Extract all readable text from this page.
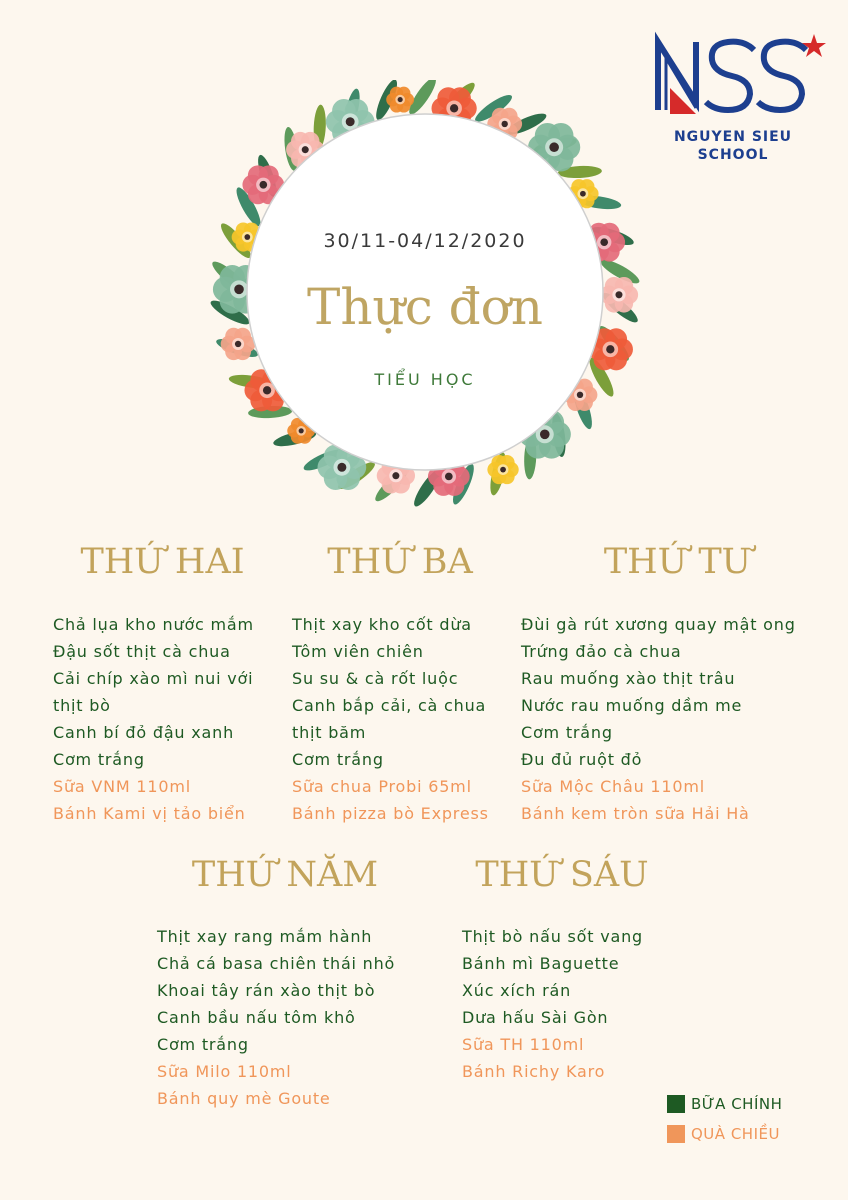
30/11-04/12/2020
Thực đơn
TIỂU HỌC
NGUYEN SIEU
SCHOOL
THỨ HAI
Chả lụa kho nước mắm
Đậu sốt thịt cà chua
Cải chíp xào mì nui với
thịt bò
Canh bí đỏ đậu xanh
Cơm trắng
Sữa VNM 110ml
Bánh Kami vị tảo biển
THỨ BA
Thịt xay kho cốt dừa
Tôm viên chiên
Su su & cà rốt luộc
Canh bắp cải, cà chua
thịt băm
Cơm trắng
Sữa chua Probi 65ml
Bánh pizza bò Express
THỨ TƯ
Đùi gà rút xương quay mật ong
Trứng đảo cà chua
Rau muống xào thịt trâu
Nước rau muống dầm me
Cơm trắng
Đu đủ ruột đỏ
Sữa Mộc Châu 110ml
Bánh kem tròn sữa Hải Hà
THỨ NĂM
Thịt xay rang mắm hành
Chả cá basa chiên thái nhỏ
Khoai tây rán xào thịt bò
Canh bầu nấu tôm khô
Cơm trắng
Sữa Milo 110ml
Bánh quy mè Goute
THỨ SÁU
Thịt bò nấu sốt vang
Bánh mì Baguette
Xúc xích rán
Dưa hấu Sài Gòn
Sữa TH 110ml
Bánh Richy Karo
BỮA CHÍNH
QUÀ CHIỀU
